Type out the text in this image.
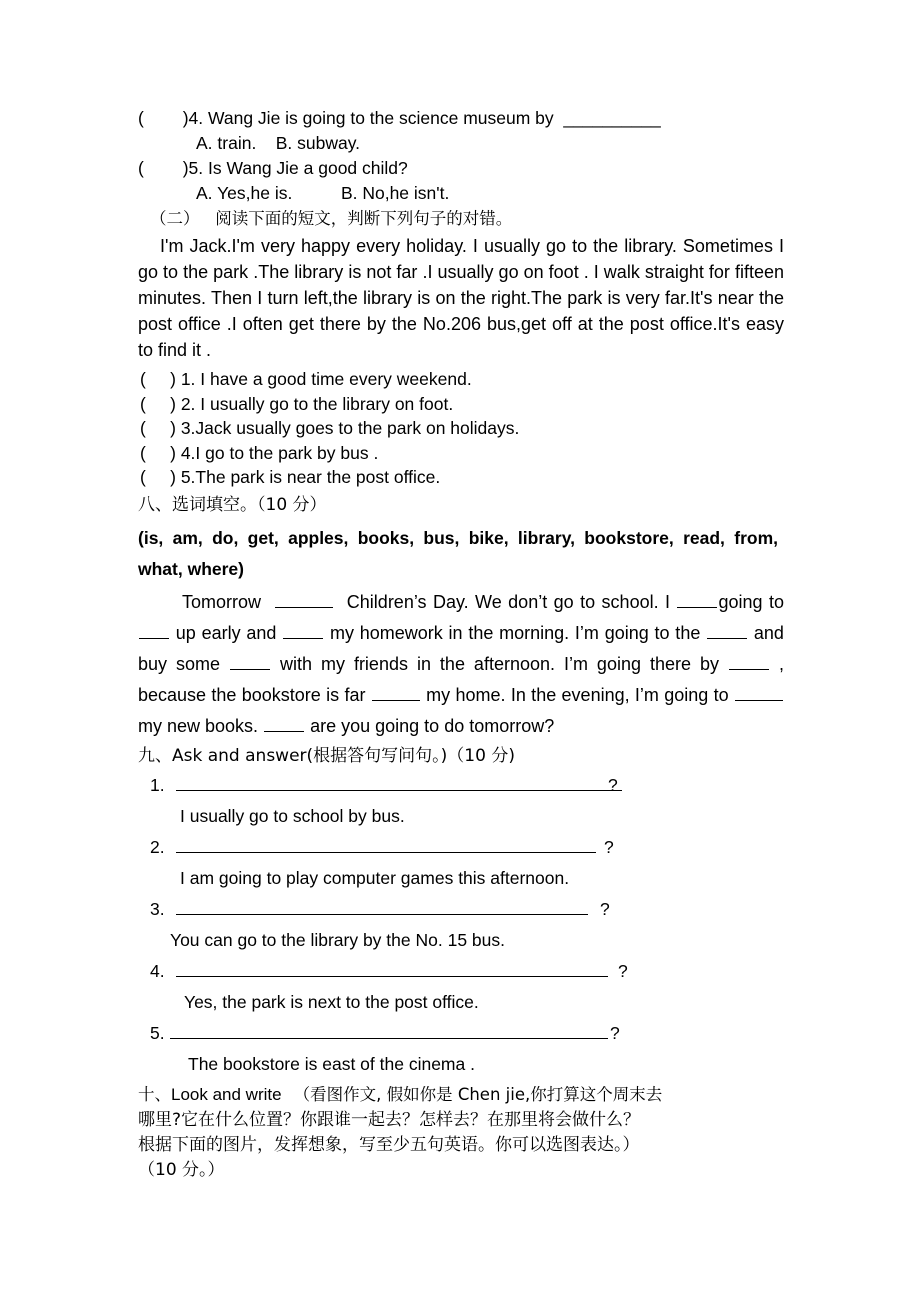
(        )4. Wang Jie is going to the science museum by  __________
A. train.    B. subway.
(        )5. Is Wang Jie a good child?
A. Yes,he is.          B. No,he isn't.
（二）   阅读下面的短文，判断下列句子的对错。
I'm Jack.I'm very happy every holiday. I usually go to the library. Sometimes I go to the park .The library is not far .I usually go on foot . I walk straight for fifteen minutes. Then I turn left,the library is on the right.The park is very far.It's near the post office .I often get there by the No.206 bus,get off at the post office.It's easy to find it .
(     ) 1. I have a good time every weekend.
(     ) 2. I usually go to the library on foot.
(     ) 3.Jack usually goes to the park on holidays.
(     ) 4.I go to the park by bus .
(     ) 5.The park is near the post office.
八、选词填空。（10 分）
(is, am, do, get, apples, books, bus, bike, library, bookstore, read, from, what, where)
Tomorrow	Children’s Day. We don’t go to school. I	going to  up early and	my homework in the morning. I’m going to the	and buy some	with my friends in the afternoon. I’m going there by	, because the bookstore is far	my home. In the evening, I’m going to  my new books.	are you going to do tomorrow?
九、Ask and answer(根据答句写问句。)（10 分)
1.	?
I usually go to school by bus.
2.	?
I am going to play computer games this afternoon.
3.	?
You can go to the library by the No. 15 bus.
4.	?
Yes, the park is next to the post office.
5.	?
The bookstore is east of the cinema .
十、Look and write （看图作文, 假如你是 Chen jie,你打算这个周末去
哪里?它在什么位置？你跟谁一起去？怎样去？在那里将会做什么？
根据下面的图片，发挥想象，写至少五句英语。你可以选图表达。）
（10 分。）
